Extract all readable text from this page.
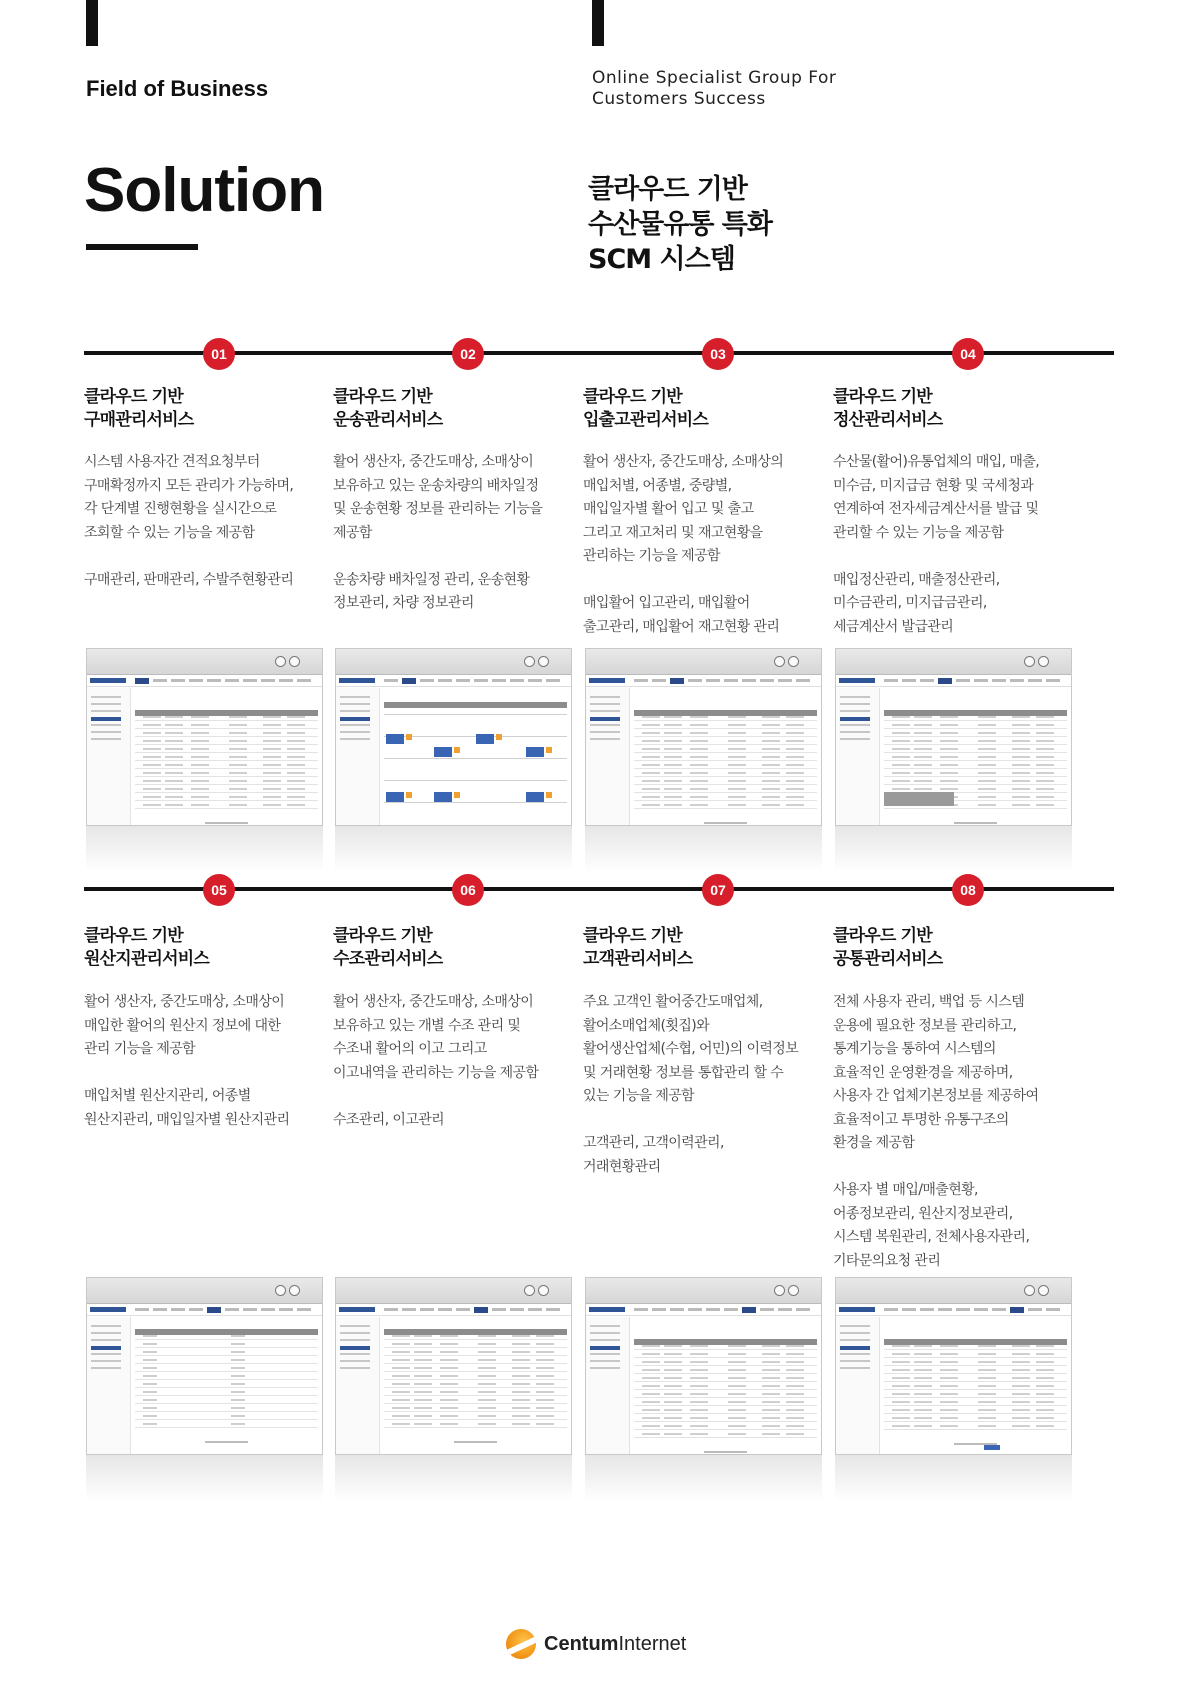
Field of Business	Online Specialist Group For
Customers Success
Solution	클라우드 기반
수산물유통 특화
SCM 시스템
01
클라우드 기반
구매관리서비스

시스템 사용자간 견적요청부터

구매확정까지 모든 관리가 가능하며,

각 단계별 진행현황을 실시간으로

조회할 수 있는 기능을 제공함

구매관리, 판매관리, 수발주현황관리

02
클라우드 기반
운송관리서비스

활어 생산자, 중간도매상, 소매상이

보유하고 있는 운송차량의 배차일정

및 운송현황 정보를 관리하는 기능을

제공함

운송차량 배차일정 관리, 운송현황

정보관리, 차량 정보관리

03
클라우드 기반
입출고관리서비스

활어 생산자, 중간도매상, 소매상의

매입처별, 어종별, 중량별,

매입일자별 활어 입고 및 출고

그리고 재고처리 및 재고현황을

관리하는 기능을 제공함

매입활어 입고관리, 매입활어

출고관리, 매입활어 재고현황 관리

04
클라우드 기반
정산관리서비스

수산물(활어)유통업체의 매입, 매출,

미수금, 미지급금 현황 및 국세청과

연계하여 전자세금계산서를 발급 및

관리할 수 있는 기능을 제공함

매입정산관리, 매출정산관리,

미수금관리, 미지급금관리,

세금계산서 발급관리

05
클라우드 기반
원산지관리서비스

활어 생산자, 중간도매상, 소매상이

매입한 활어의 원산지 정보에 대한

관리 기능을 제공함

매입처별 원산지관리, 어종별

원산지관리, 매입일자별 원산지관리

06
클라우드 기반
수조관리서비스

활어 생산자, 중간도매상, 소매상이

보유하고 있는 개별 수조 관리 및

수조내 활어의 이고 그리고

이고내역을 관리하는 기능을 제공함

수조관리, 이고관리

07
클라우드 기반
고객관리서비스

주요 고객인 활어중간도매업체,

활어소매업체(횟집)와

활어생산업체(수협, 어민)의 이력정보

및 거래현황 정보를 통합관리 할 수

있는 기능을 제공함

고객관리, 고객이력관리,

거래현황관리

08
클라우드 기반
공통관리서비스

전체 사용자 관리, 백업 등 시스템

운용에 필요한 정보를 관리하고,

통계기능을 통하여 시스템의

효율적인 운영환경을 제공하며,

사용자 간 업체기본정보를 제공하여

효율적이고 투명한 유통구조의

환경을 제공함

사용자 별 매입/매출현황,

어종정보관리, 원산지정보관리,

시스템 복원관리, 전체사용자관리,

기타문의요청 관리

CentumInternet
